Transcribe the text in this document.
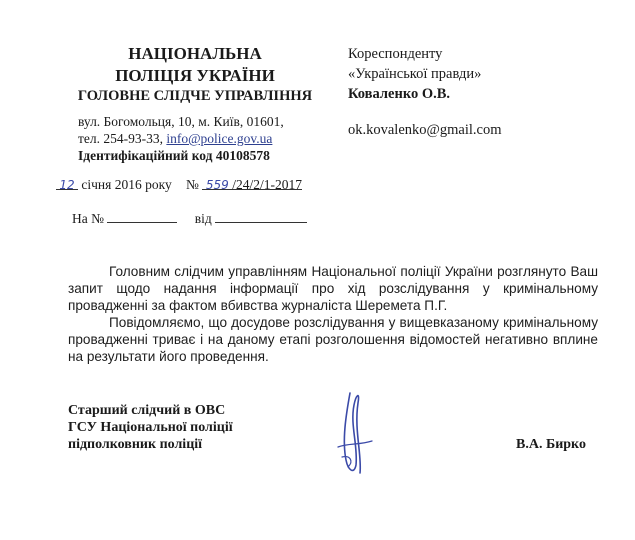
НАЦІОНАЛЬНА
ПОЛІЦІЯ УКРАЇНИ
ГОЛОВНЕ СЛІДЧЕ УПРАВЛІННЯ
вул. Богомольця, 10, м. Київ, 01601,
тел. 254-93-33, info@police.gov.ua
Ідентифікаційний код 40108578
Кореспонденту
«Української правди»
Коваленко О.В.
ok.kovalenko@gmail.com
12 січня 2016 року № 559 /24/2/1-2017
На №	від

Головним слідчим управлінням Національної поліції України розглянуто Ваш запит щодо надання інформації про хід розслідування у кримінальному провадженні за фактом вбивства журналіста Шеремета П.Г.

Повідомляємо, що досудове розслідування у вищевказаному кримінальному провадженні триває і на даному етапі розголошення відомостей негативно вплине на результати його проведення.

Старший слідчий в ОВС
ГСУ Національної поліції
підполковник поліції	В.А. Бирко
